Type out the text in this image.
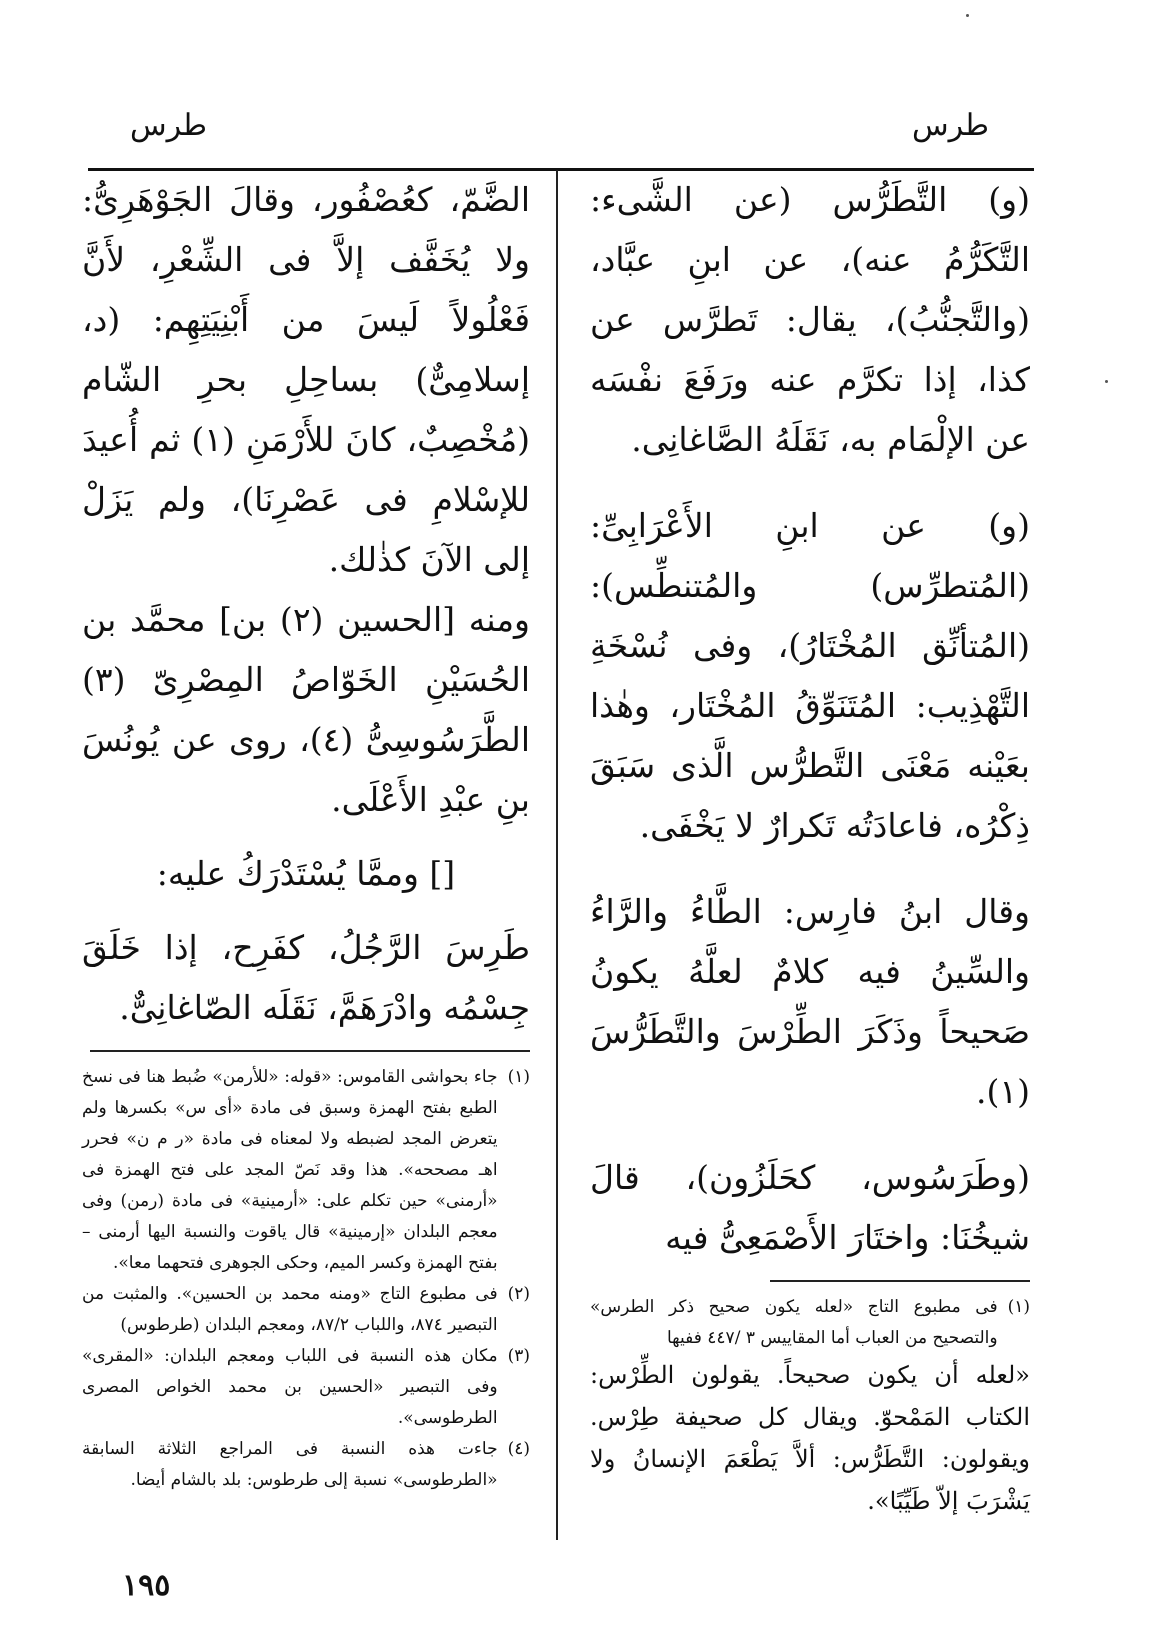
طرس
طرس

(و) التَّطَرُّس (عن الشَّىء: التَّكَرُّمُ عنه)، عن ابنِ عبَّاد، (والتَّجنُّبُ)، يقال: تَطرَّس عن كذا، إذا تكرَّم عنه ورَفَعَ نفْسَه عن الإلْمَام به، نَقَلَهُ الصَّاغانِى.

(و) عن ابنِ الأَعْرَابِىِّ: (المُتطرِّس) والمُتنطِّس): (المُتأنِّق المُخْتَارُ)، وفى نُسْخَةِ التَّهْذِيب: المُتَنَوِّقُ المُخْتَار، وهٰذا بعَيْنه مَعْنَى التَّطرُّس الَّذى سَبَقَ ذِكْرُه، فاعادَتُه تَكرارٌ لا يَخْفَى.

وقال ابنُ فارِس: الطَّاءُ والرَّاءُ والسِّينُ فيه كلامٌ لعلَّهُ يكونُ صَحيحاً وذَكَرَ الطِّرْسَ والتَّطَرُّسَ (١).

(وطَرَسُوس، كحَلَزُون)، قالَ شيخُنَا: واختَارَ الأَصْمَعِىُّ فيه

(١)
فى مطبوع التاج «لعله يكون صحيح ذكر الطرس» والتصحيح من العباب أما المقاييس ٣ /٤٤٧ ففيها
«لعله أن يكون صحيحاً. يقولون الطِّرْس: الكتاب المَمْحوّ. ويقال كل صحيفة طِرْس. ويقولون: التَّطَرُّس: ألاَّ يَطْعَمَ الإنسانُ ولا يَشْرَبَ إلاّ طَيِّبًا».

الضَّمّ، كعُصْفُور، وقالَ الجَوْهَرِىُّ: ولا يُخَفَّف إلاَّ فى الشِّعْرِ، لأَنَّ فَعْلُولاً لَيسَ من أَبْنِيَتِهِم: (د، إسلامِىٌّ) بساحِلِ بحرِ الشّام (مُخْصِبٌ، كانَ للأَرْمَنِ (١) ثم أُعيدَ للإسْلامِ فى عَصْرِنَا)، ولم يَزَلْ إلى الآنَ كذٰلك.

ومنه [الحسين (٢) بن] محمَّد بن الحُسَيْنِ الخَوّاصُ المِصْرِىّ (٣) الطَّرَسُوسِىُّ (٤)، روى عن يُونُسَ بنِ عبْدِ الأَعْلَى.

[] وممَّا يُسْتَدْرَكُ عليه:

طَرِسَ الرَّجُلُ، كفَرِح، إذا خَلَقَ جِسْمُه وادْرَهَمَّ، نَقَلَه الصّاغانِىٌّ.

(١)
جاء بحواشى القاموس: «قوله: «للأرمن» ضُبط هنا فى نسخ الطبع بفتح الهمزة وسبق فى مادة «أى س» بكسرها ولم يتعرض المجد لضبطه ولا لمعناه فى مادة «ر م ن» فحرر اهـ مصححه». هذا وقد نَصّ المجد على فتح الهمزة فى «أرمنى» حين تكلم على: «أرمينية» فى مادة (رمن) وفى معجم البلدان «إرمينية» قال ياقوت والنسبة اليها أرمنى – بفتح الهمزة وكسر الميم، وحكى الجوهرى فتحهما معا».
(٢)
فى مطبوع التاج «ومنه محمد بن الحسين». والمثبت من التبصير ٨٧٤، واللباب ٨٧/٢، ومعجم البلدان (طرطوس)
(٣)
مكان هذه النسبة فى اللباب ومعجم البلدان: «المقرى» وفى التبصير «الحسين بن محمد الخواص المصرى الطرطوسى».
(٤)
جاءت هذه النسبة فى المراجع الثلاثة السابقة «الطرطوسى» نسبة إلى طرطوس: بلد بالشام أيضا.
١٩٥
